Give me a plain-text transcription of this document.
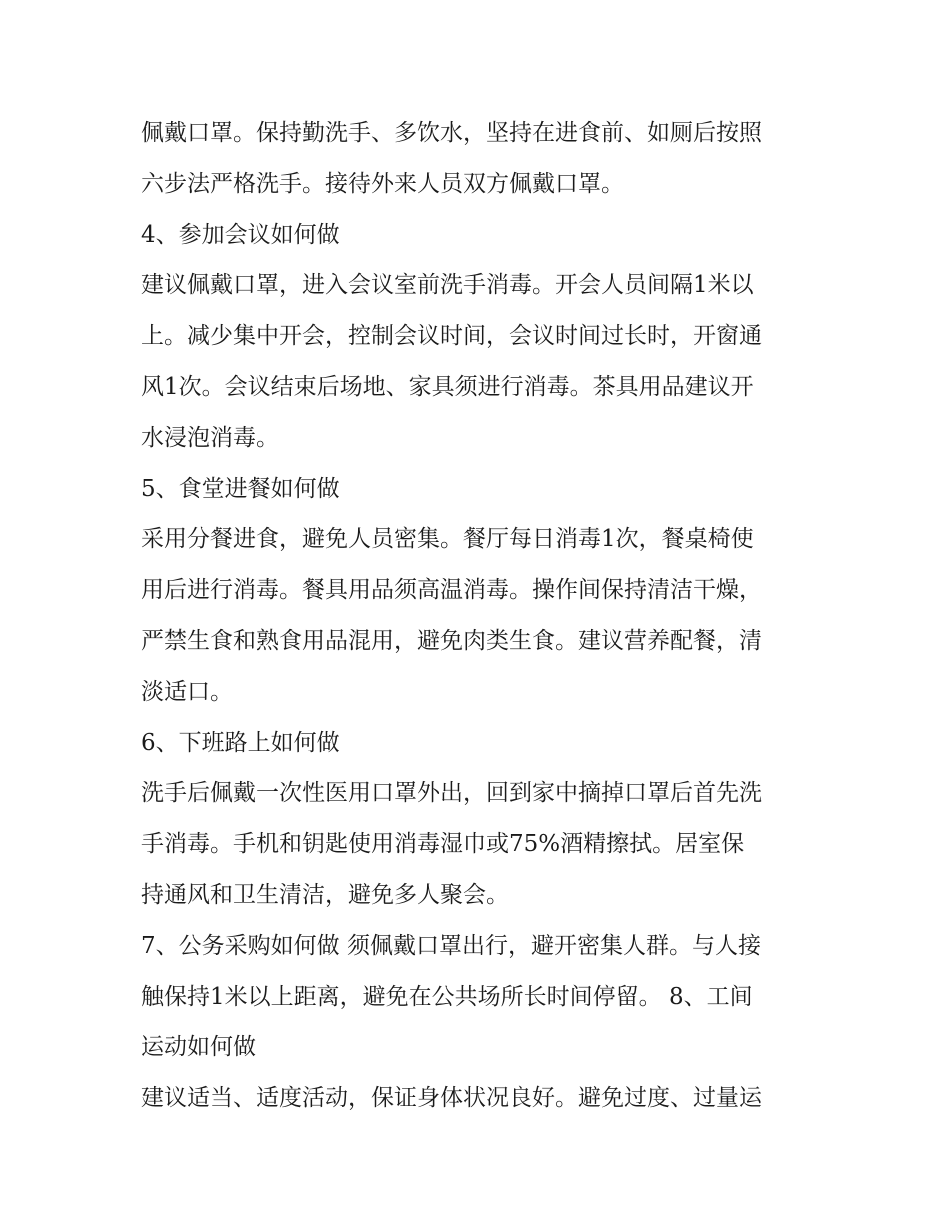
佩戴口罩。保持勤洗手、多饮水，坚持在进食前、如厕后按照
六步法严格洗手。接待外来人员双方佩戴口罩。
4、参加会议如何做
建议佩戴口罩，进入会议室前洗手消毒。开会人员间隔1米以
上。减少集中开会，控制会议时间，会议时间过长时，开窗通
风1次。会议结束后场地、家具须进行消毒。茶具用品建议开
水浸泡消毒。
5、食堂进餐如何做
采用分餐进食，避免人员密集。餐厅每日消毒1次，餐桌椅使
用后进行消毒。餐具用品须高温消毒。操作间保持清洁干燥，
严禁生食和熟食用品混用，避免肉类生食。建议营养配餐，清
淡适口。
6、下班路上如何做
洗手后佩戴一次性医用口罩外出，回到家中摘掉口罩后首先洗
手消毒。手机和钥匙使用消毒湿巾或75%酒精擦拭。居室保
持通风和卫生清洁，避免多人聚会。
7、公务采购如何做 须佩戴口罩出行，避开密集人群。与人接
触保持1米以上距离，避免在公共场所长时间停留。 8、工间
运动如何做
建议适当、适度活动，保证身体状况良好。避免过度、过量运
